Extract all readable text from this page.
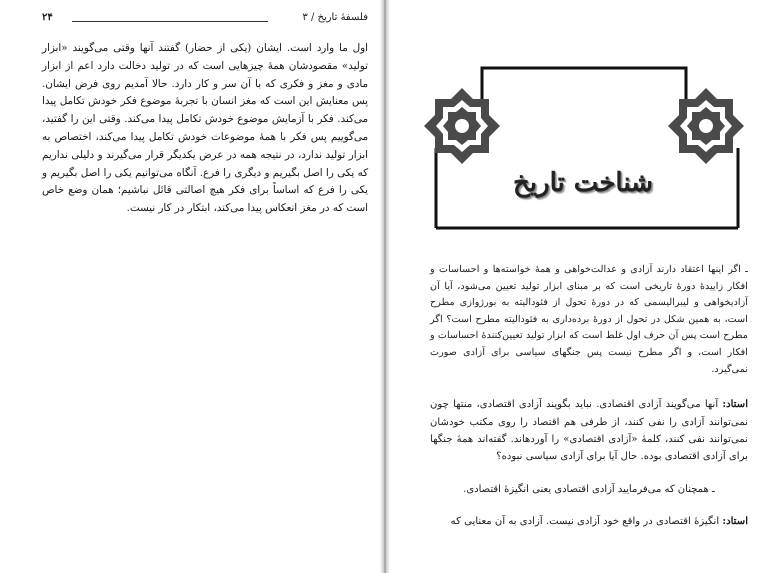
۲۴	فلسفهٔ تاریخ / ۳

اول ما وارد است. ایشان (یکی از حضار) گفتند آنها وقتی می‌گویند «ابزار تولید» مقصودشان همهٔ چیزهایی است که در تولید دخالت دارد اعم از ابزار مادی و مغز و فکری که با آن سر و کار دارد. حالا آمدیم روی فرض ایشان. پس معنایش این است که مغز انسان با تجربهٔ موضوع فکر خودش تکامل پیدا می‌کند. فکر با آزمایش موضوع خودش تکامل پیدا می‌کند. وقتی این را گفتید، می‌گوییم پس فکر با همهٔ موضوعات خودش تکامل پیدا می‌کند، اختصاص به ابزار تولید ندارد، در نتیجه همه در عرض یکدیگر قرار می‌گیرند و دلیلی نداریم که یکی را اصل بگیریم و دیگری را فرع. آنگاه می‌توانیم یکی را اصل بگیریم و یکی را فرع که اساساً برای فکر هیچ اصالتی قائل نباشیم؛ همان وضع خاص است که در مغز انعکاس پیدا می‌کند، ابتکار در کار نیست.

شناخت تاریخ

ـ اگر اینها اعتقاد دارند آزادی و عدالت‌خواهی و همهٔ خواسته‌ها و احساسات و افکار زاییدهٔ دورهٔ تاریخی است که بر مبنای ابزار تولید تعیین می‌شود، آیا آن آزادیخواهی و لیبرالیسمی که در دورهٔ تحول از فئودالیته به بورژوازی مطرح است، به همین شکل در تحول از دورهٔ برده‌داری به فئودالیته مطرح است؟ اگر مطرح است پس آن حرف اول غلط است که ابزار تولید تعیین‌کنندهٔ احساسات و افکار است، و اگر مطرح نیست پس جنگهای سیاسی برای آزادی صورت نمی‌گیرد.

استاد: آنها می‌گویند آزادی اقتصادی. نباید بگویند آزادی اقتصادی، منتها چون نمی‌توانند آزادی را نفی کنند، از طرفی هم اقتصاد را روی مکتب خودشان نمی‌توانند نفی کنند، کلمهٔ «آزادی اقتصادی» را آوردهاند. گفته‌اند همهٔ جنگها برای آزادی اقتصادی بوده. حال آیا برای آزادی سیاسی نبوده؟

ـ همچنان که می‌فرمایید آزادی اقتصادی یعنی انگیزهٔ اقتصادی.

استاد: انگیزهٔ اقتصادی در واقع خود آزادی نیست. آزادی به آن معنایی که
